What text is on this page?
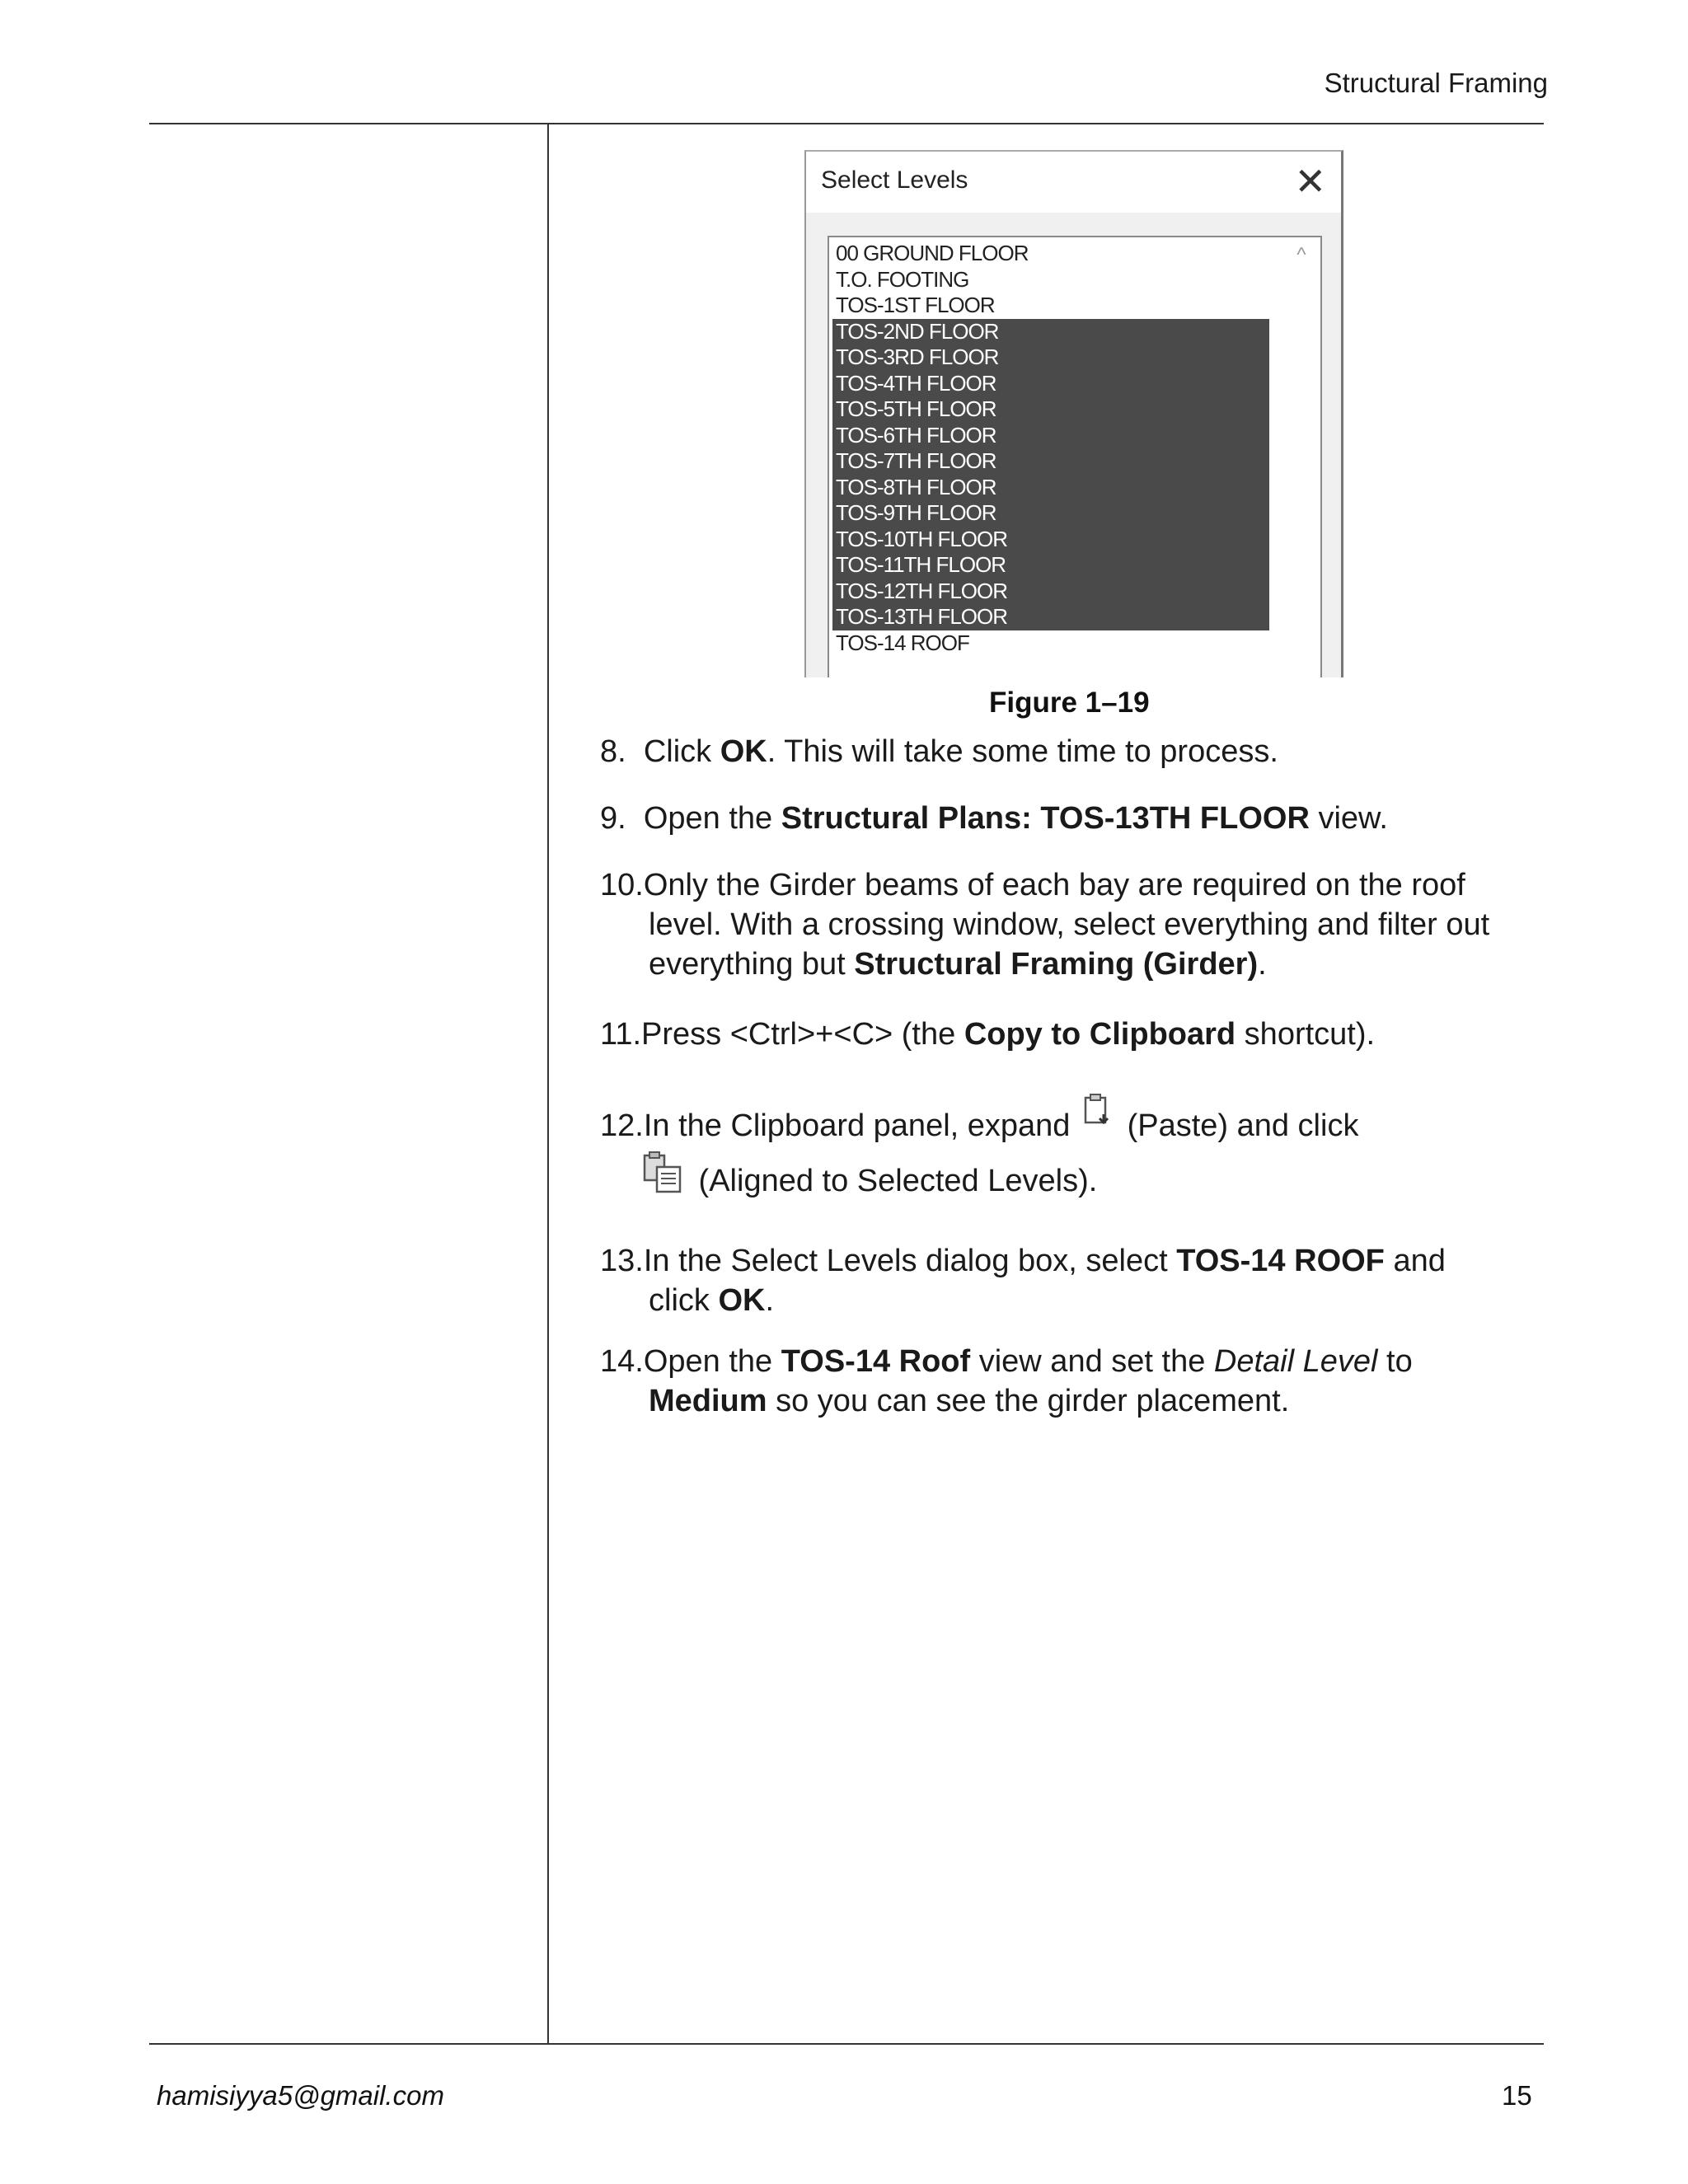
Structural Framing
Select Levels	✕
00 GROUND FLOOR
T.O. FOOTING
TOS-1ST FLOOR
TOS-2ND FLOOR
TOS-3RD FLOOR
TOS-4TH FLOOR
TOS-5TH FLOOR
TOS-6TH FLOOR
TOS-7TH FLOOR
TOS-8TH FLOOR
TOS-9TH FLOOR
TOS-10TH FLOOR
TOS-11TH FLOOR
TOS-12TH FLOOR
TOS-13TH FLOOR
TOS-14 ROOF
^
Figure 1–19
8. Click OK. This will take some time to process.
9. Open the Structural Plans: TOS-13TH FLOOR view.
10.Only the Girder beams of each bay are required on the roof
level. With a crossing window, select everything and filter out
everything but Structural Framing (Girder).
11.Press <Ctrl>+<C> (the Copy to Clipboard shortcut).
12.In the Clipboard panel, expand  (Paste) and click
(Aligned to Selected Levels).
13.In the Select Levels dialog box, select TOS-14 ROOF and
click OK.
14.Open the TOS-14 Roof view and set the Detail Level to
Medium so you can see the girder placement.
hamisiyya5@gmail.com	15
